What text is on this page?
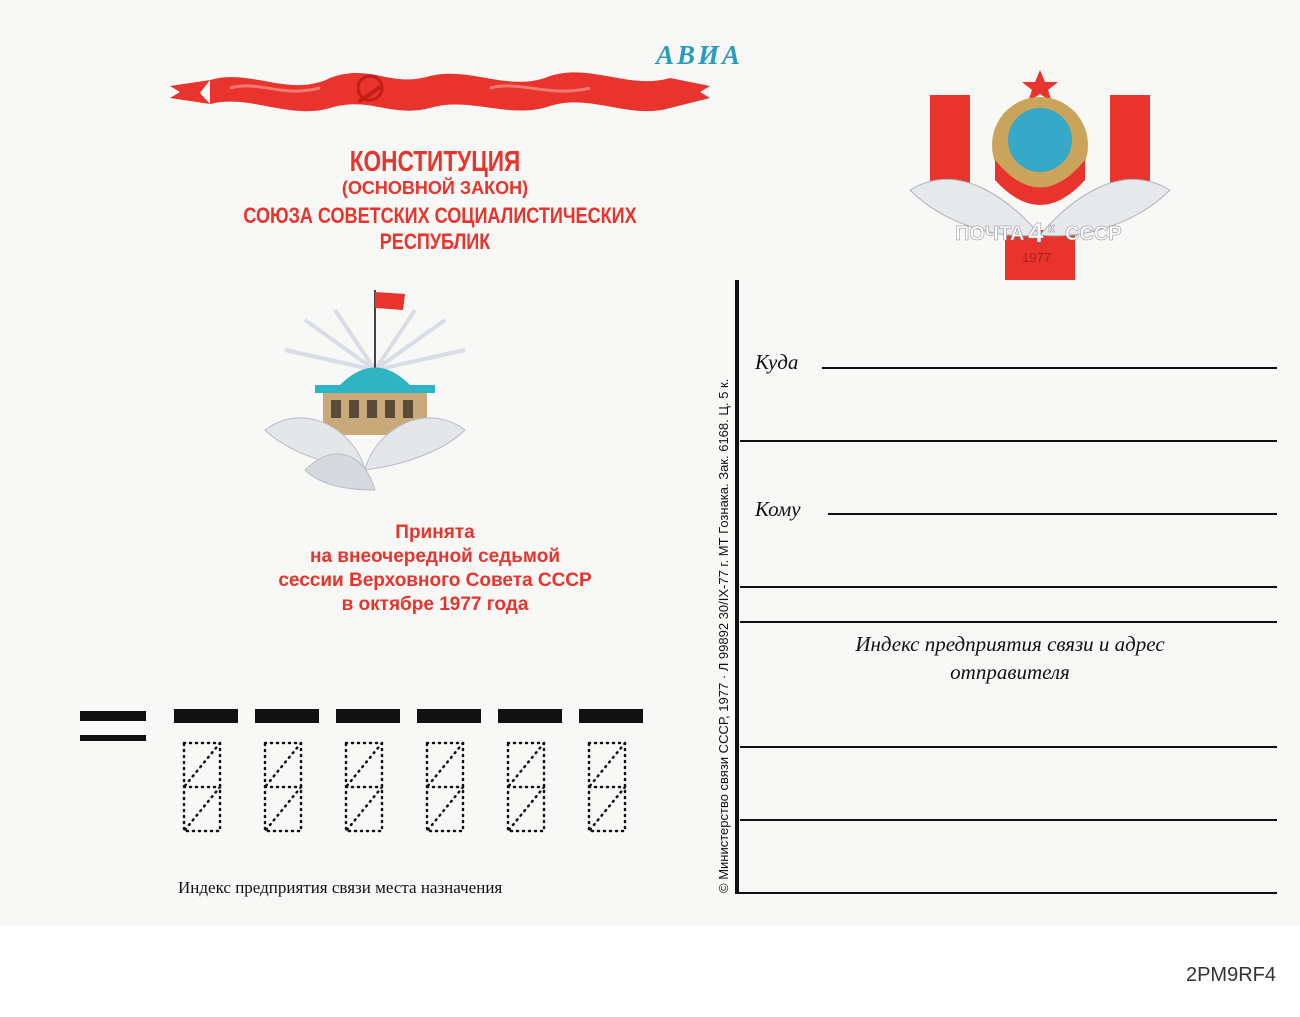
АВИА
КОНСТИТУЦИЯ
(ОСНОВНОЙ ЗАКОН)
СОЮЗА СОВЕТСКИХ СОЦИАЛИСТИЧЕСКИХ
РЕСПУБЛИК
Принята
на внеочередной седьмой
сессии Верховного Совета СССР
в октябре 1977 года
Индекс предприятия связи места назначения	© Министерство связи СССР, 1977 · Л 99892 30/IX-77 г. МТ Гознака. Зак. 6168. Ц. 5 к.
ПОЧТА 4 к СССР
1977
Куда
Кому
Индекс предприятия связи и адрес
отправителя
2PM9RF4
